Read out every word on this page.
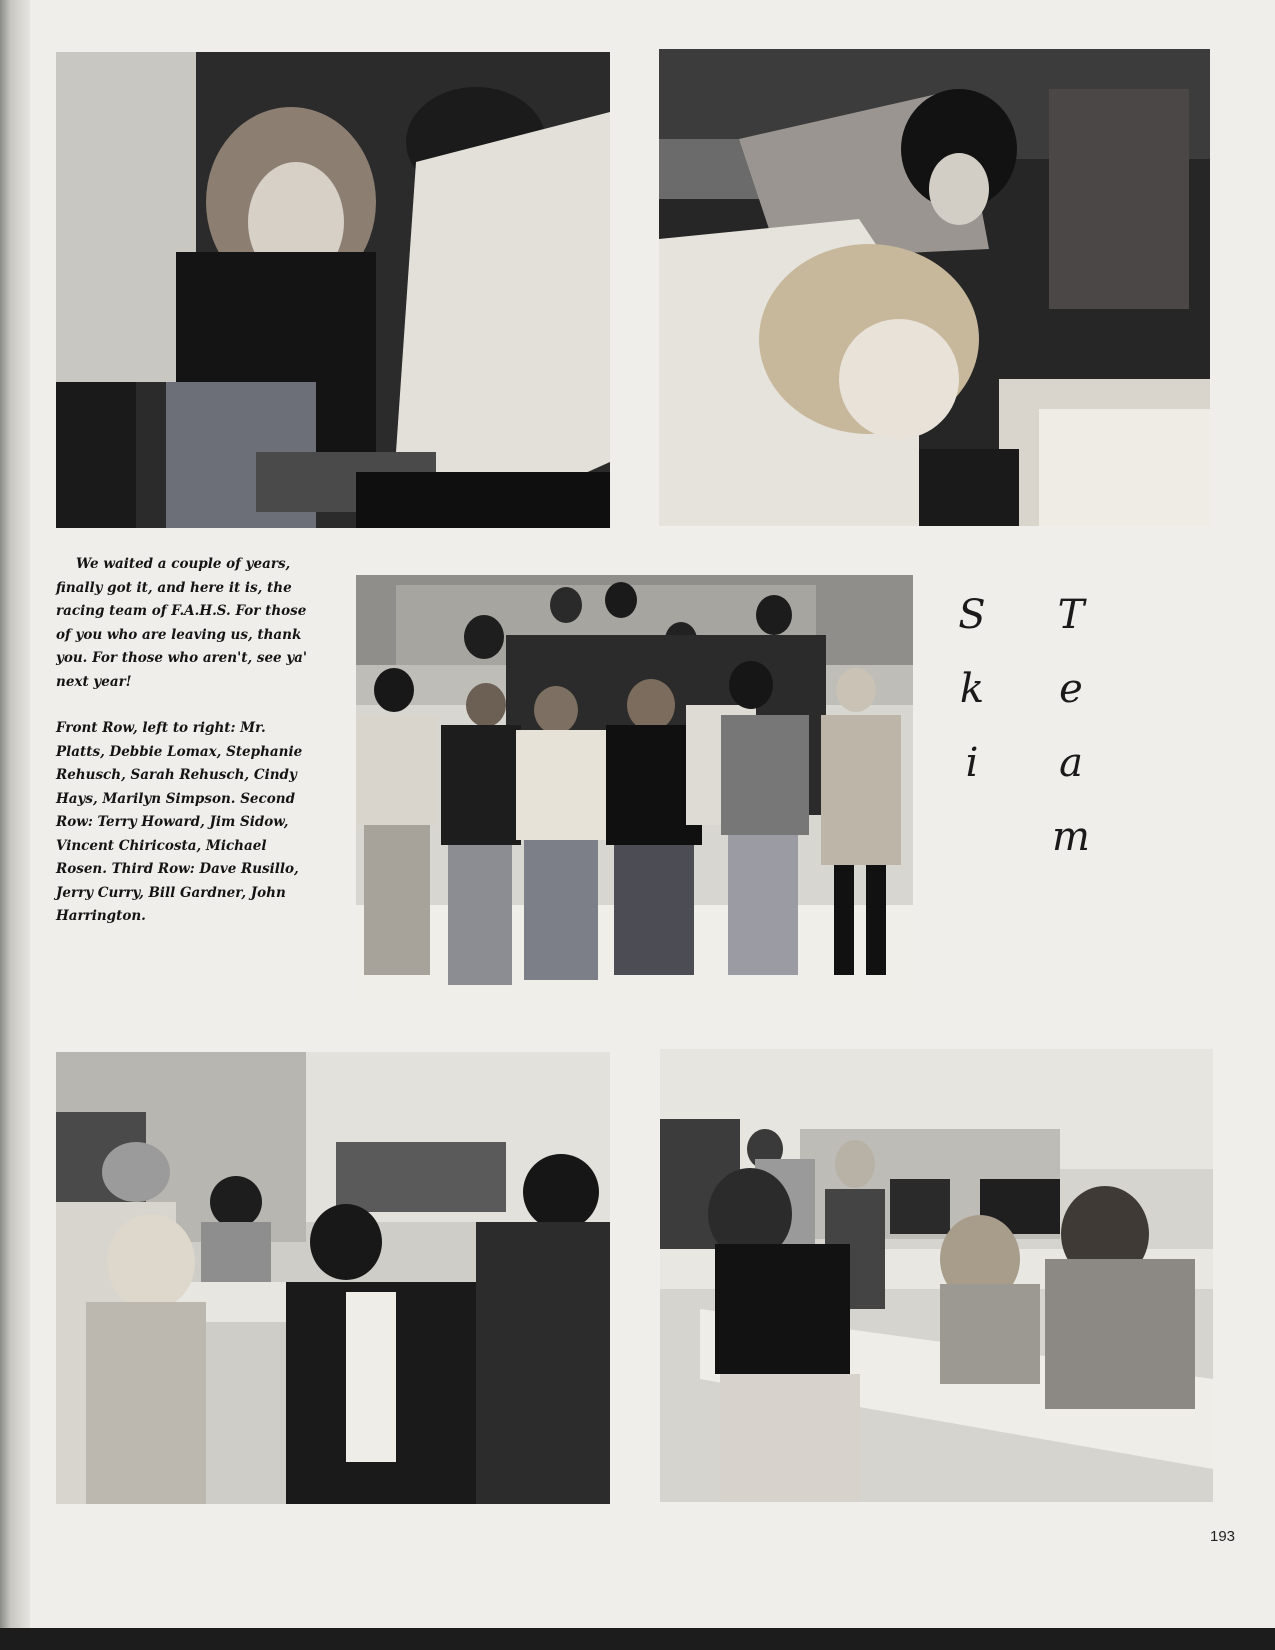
We waited a couple of years, finally got it, and here it is, the racing team of F.A.H.S. For those of you who are leaving us, thank you. For those who aren't, see ya' next year!

Front Row, left to right: Mr. Platts, Debbie Lomax, Stephanie Rehusch, Sarah Rehusch, Cindy Hays, Marilyn Simpson. Second Row: Terry Howard, Jim Sidow, Vincent Chiricosta, Michael Rosen. Third Row: Dave Rusillo, Jerry Curry, Bill Gardner, John Harrington.

S
k
i
T
e
a
m
193
